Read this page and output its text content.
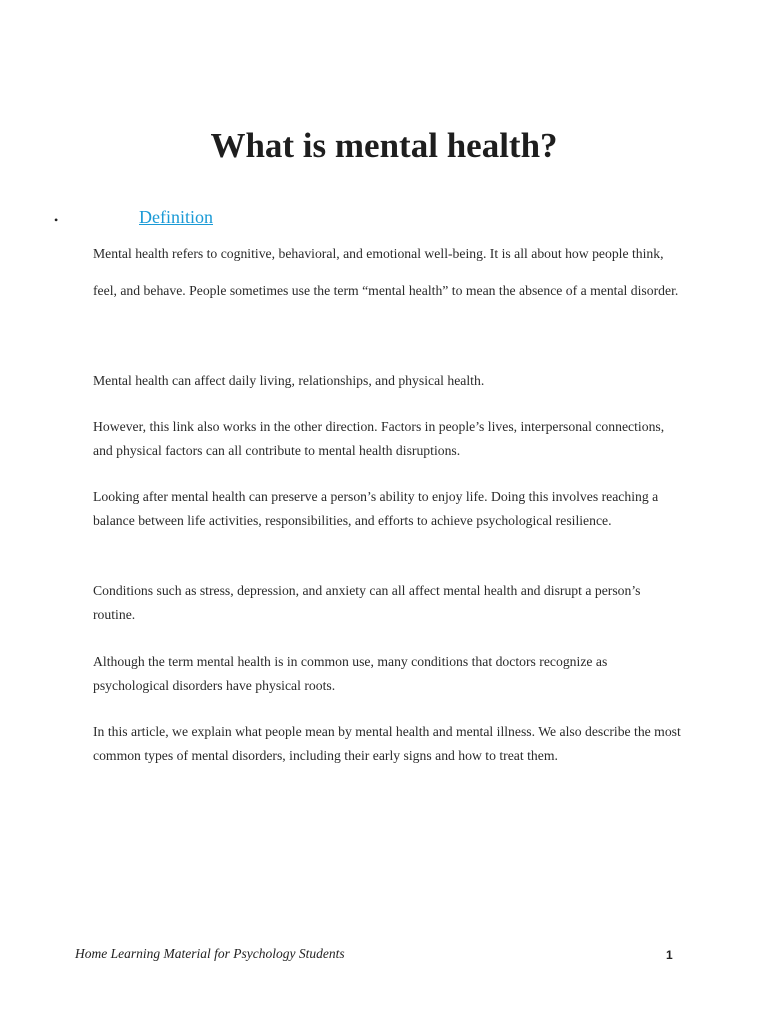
What is mental health?
•	Definition

Mental health refers to cognitive, behavioral, and emotional well-being. It is all about how people think, feel, and behave. People sometimes use the term “mental health” to mean the absence of a mental disorder.

Mental health can affect daily living, relationships, and physical health.

However, this link also works in the other direction. Factors in people’s lives, interpersonal connections, and physical factors can all contribute to mental health disruptions.

Looking after mental health can preserve a person’s ability to enjoy life. Doing this involves reaching a balance between life activities, responsibilities, and efforts to achieve psychological resilience.

Conditions such as stress, depression, and anxiety can all affect mental health and disrupt a person’s routine.

Although the term mental health is in common use, many conditions that doctors recognize as psychological disorders have physical roots.

In this article, we explain what people mean by mental health and mental illness. We also describe the most common types of mental disorders, including their early signs and how to treat them.

Home Learning Material for Psychology Students	1
